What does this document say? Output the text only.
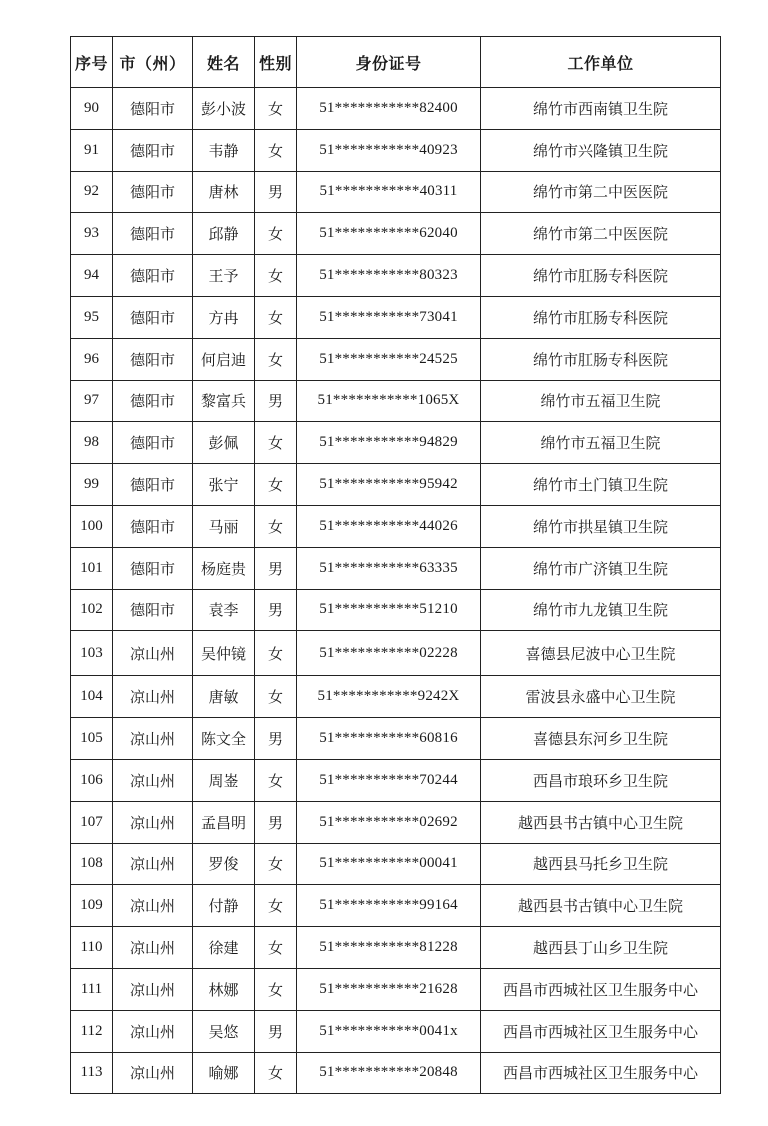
序号	市（州）	姓名	性别	身份证号	工作单位
90	德阳市	彭小波	女	51***********82400	绵竹市西南镇卫生院
91	德阳市	韦静	女	51***********40923	绵竹市兴隆镇卫生院
92	德阳市	唐林	男	51***********40311	绵竹市第二中医医院
93	德阳市	邱静	女	51***********62040	绵竹市第二中医医院
94	德阳市	王予	女	51***********80323	绵竹市肛肠专科医院
95	德阳市	方冉	女	51***********73041	绵竹市肛肠专科医院
96	德阳市	何启迪	女	51***********24525	绵竹市肛肠专科医院
97	德阳市	黎富兵	男	51***********1065X	绵竹市五福卫生院
98	德阳市	彭佩	女	51***********94829	绵竹市五福卫生院
99	德阳市	张宁	女	51***********95942	绵竹市土门镇卫生院
100	德阳市	马丽	女	51***********44026	绵竹市拱星镇卫生院
101	德阳市	杨庭贵	男	51***********63335	绵竹市广济镇卫生院
102	德阳市	袁李	男	51***********51210	绵竹市九龙镇卫生院
103	凉山州	吴仲镜	女	51***********02228	喜德县尼波中心卫生院
104	凉山州	唐敏	女	51***********9242X	雷波县永盛中心卫生院
105	凉山州	陈文全	男	51***********60816	喜德县东河乡卫生院
106	凉山州	周崟	女	51***********70244	西昌市琅环乡卫生院
107	凉山州	孟昌明	男	51***********02692	越西县书古镇中心卫生院
108	凉山州	罗俊	女	51***********00041	越西县马托乡卫生院
109	凉山州	付静	女	51***********99164	越西县书古镇中心卫生院
110	凉山州	徐建	女	51***********81228	越西县丁山乡卫生院
111	凉山州	林娜	女	51***********21628	西昌市西城社区卫生服务中心
112	凉山州	吴悠	男	51***********0041x	西昌市西城社区卫生服务中心
113	凉山州	喻娜	女	51***********20848	西昌市西城社区卫生服务中心
